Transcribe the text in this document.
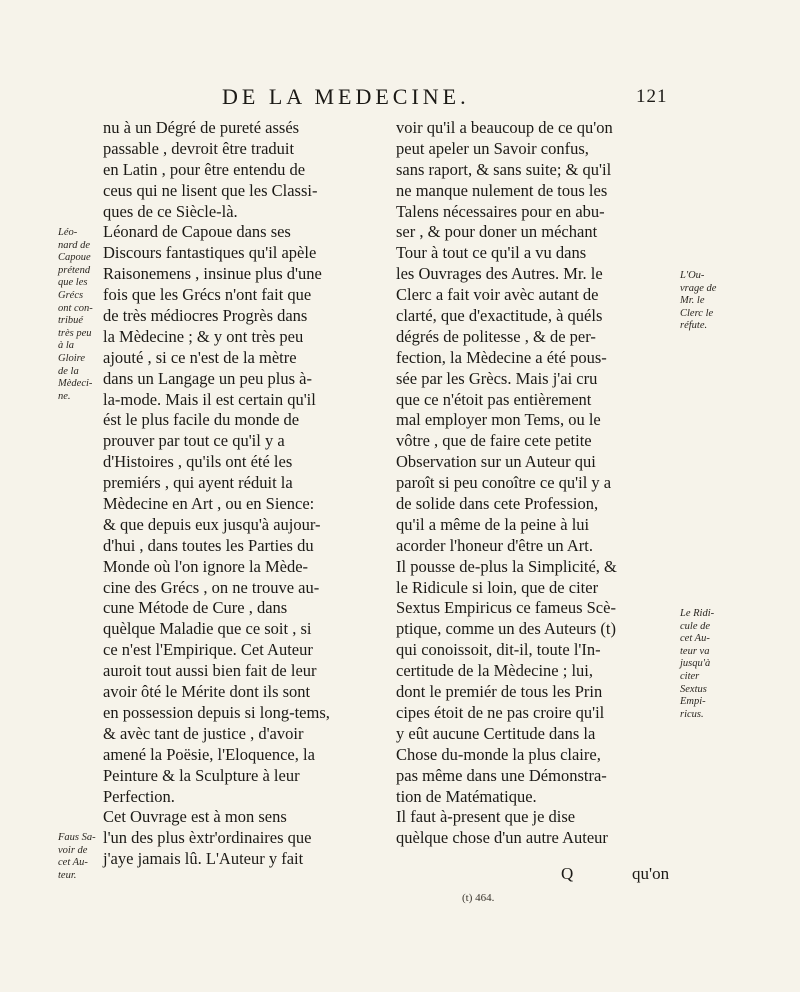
DE LA MEDECINE.	121
nu à un Dégré de pureté assés
passable , devroit être traduit
en Latin , pour être entendu de
ceus qui ne lisent que les Classi-
ques de ce Siècle-là.
Léonard de Capoue dans ses
Discours fantastiques qu'il apèle
Raisonemens , insinue plus d'une
fois que les Grécs n'ont fait que
de très médiocres Progrès dans
la Mèdecine ; & y ont très peu
ajouté , si ce n'est de la mètre
dans un Langage un peu plus à-
la-mode. Mais il est certain qu'il
ést le plus facile du monde de
prouver par tout ce qu'il y a
d'Histoires , qu'ils ont été les
premiérs , qui ayent réduit la
Mèdecine en Art , ou en Sience:
& que depuis eux jusqu'à aujour-
d'hui , dans toutes les Parties du
Monde où l'on ignore la Mède-
cine des Grécs , on ne trouve au-
cune Métode de Cure , dans
quèlque Maladie que ce soit , si
ce n'est l'Empirique. Cet Auteur
auroit tout aussi bien fait de leur
avoir ôté le Mérite dont ils sont
en possession depuis si long-tems,
& avèc tant de justice , d'avoir
amené la Poësie, l'Eloquence, la
Peinture & la Sculpture à leur
Perfection.
Cet Ouvrage est à mon sens
l'un des plus èxtr'ordinaires que
j'aye jamais lû. L'Auteur y fait
voir qu'il a beaucoup de ce qu'on
peut apeler un Savoir confus,
sans raport, & sans suite; & qu'il
ne manque nulement de tous les
Talens nécessaires pour en abu-
ser , & pour doner un méchant
Tour à tout ce qu'il a vu dans
les Ouvrages des Autres. Mr. le
Clerc a fait voir avèc autant de
clarté, que d'exactitude, à quéls
dégrés de politesse , & de per-
fection, la Mèdecine a été pous-
sée par les Grècs. Mais j'ai cru
que ce n'étoit pas entièrement
mal employer mon Tems, ou le
vôtre , que de faire cete petite
Observation sur un Auteur qui
paroît si peu conoître ce qu'il y a
de solide dans cete Profession,
qu'il a même de la peine à lui
acorder l'honeur d'être un Art.
Il pousse de-plus la Simplicité, &
le Ridicule si loin, que de citer
Sextus Empiricus ce fameus Scè-
ptique, comme un des Auteurs (t)
qui conoissoit, dit-il, toute l'In-
certitude de la Mèdecine ; lui,
dont le premiér de tous les Prin
cipes étoit de ne pas croire qu'il
y eût aucune Certitude dans la
Chose du-monde la plus claire,
pas même dans une Démonstra-
tion de Matématique.
Il faut à-present que je dise
quèlque chose d'un autre Auteur
Léo-
nard de
Capoue
prétend
que les
Grécs
ont con-
tribué
très peu
à la
Gloire
de la
Mèdeci-
ne.
Faus Sa-
voir de
cet Au-
teur.
L'Ou-
vrage de
Mr. le
Clerc le
réfute.
Le Ridi-
cule de
cet Au-
teur va
jusqu'à
citer
Sextus
Empi-
ricus.
Q	qu'on
(t) 464.
